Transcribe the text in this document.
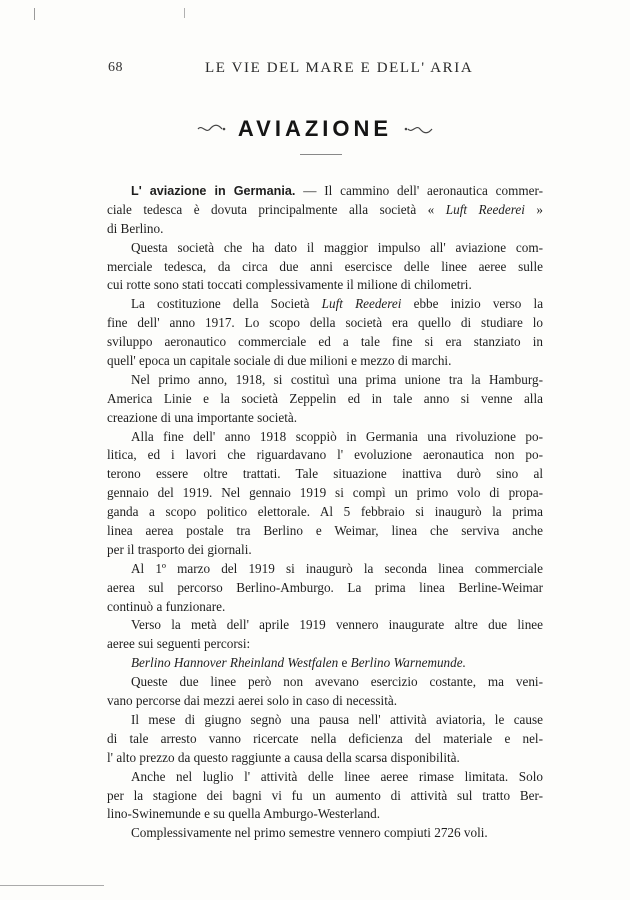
68	LE VIE DEL MARE E DELL' ARIA
AVIAZIONE
L' aviazione in Germania. — Il cammino dell' aeronautica commer-
ciale tedesca è dovuta principalmente alla società « Luft Reederei »
di Berlino.
Questa società che ha dato il maggior impulso all' aviazione com-
merciale tedesca, da circa due anni esercisce delle linee aeree sulle
cui rotte sono stati toccati complessivamente il milione di chilometri.
La costituzione della Società Luft Reederei ebbe inizio verso la
fine dell' anno 1917. Lo scopo della società era quello di studiare lo
sviluppo aeronautico commerciale ed a tale fine si era stanziato in
quell' epoca un capitale sociale di due milioni e mezzo di marchi.
Nel primo anno, 1918, si costituì una prima unione tra la Hamburg-
America Linie e la società Zeppelin ed in tale anno si venne alla
creazione di una importante società.
Alla fine dell' anno 1918 scoppiò in Germania una rivoluzione po-
litica, ed i lavori che riguardavano l' evoluzione aeronautica non po-
terono essere oltre trattati. Tale situazione inattiva durò sino al
gennaio del 1919. Nel gennaio 1919 si compì un primo volo di propa-
ganda a scopo politico elettorale. Al 5 febbraio si inaugurò la prima
linea aerea postale tra Berlino e Weimar, linea che serviva anche
per il trasporto dei giornali.
Al 1º marzo del 1919 si inaugurò la seconda linea commerciale
aerea sul percorso Berlino-Amburgo. La prima linea Berline-Weimar
continuò a funzionare.
Verso la metà dell' aprile 1919 vennero inaugurate altre due linee
aeree sui seguenti percorsi:
Berlino Hannover Rheinland Westfalen e Berlino Warnemunde.
Queste due linee però non avevano esercizio costante, ma veni-
vano percorse dai mezzi aerei solo in caso di necessità.
Il mese di giugno segnò una pausa nell' attività aviatoria, le cause
di tale arresto vanno ricercate nella deficienza del materiale e nel-
l' alto prezzo da questo raggiunte a causa della scarsa disponibilità.
Anche nel luglio l' attività delle linee aeree rimase limitata. Solo
per la stagione dei bagni vi fu un aumento di attività sul tratto Ber-
lino-Swinemunde e su quella Amburgo-Westerland.
Complessivamente nel primo semestre vennero compiuti 2726 voli.
